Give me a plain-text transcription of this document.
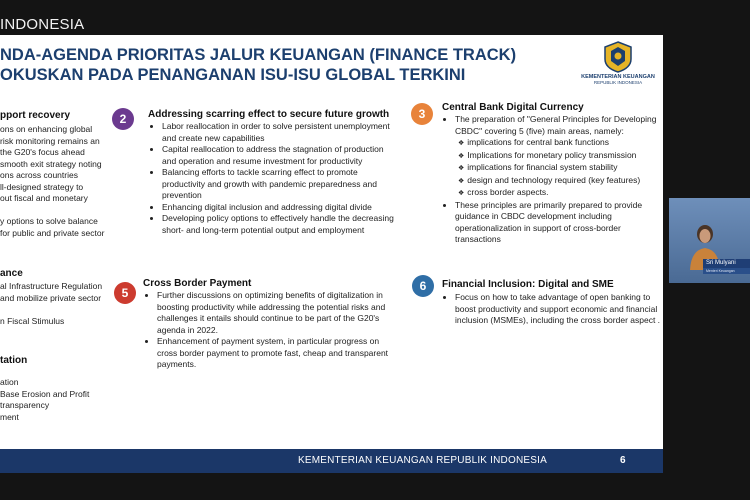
INDONESIA
NDA-AGENDA PRIORITAS JALUR KEUANGAN (FINANCE TRACK)
OKUSKAN PADA PENANGANAN ISU-ISU GLOBAL TERKINI	KEMENTERIAN KEUANGAN
REPUBLIK INDONESIA
pport recovery
ons on enhancing global
risk monitoring remains an
the G20's focus ahead
smooth exit strategy noting
ons across countries
ll-designed strategy to
out fiscal and monetary
y options to solve balance
for public and private sector
ance
al Infrastructure Regulation
and mobilize private sector
n Fiscal Stimulus
tation
ation
Base Erosion and Profit
transparency
ment
2	Addressing scarring effect to secure future growth
• Labor reallocation in order to solve persistent unemployment and create new capabilities
• Capital reallocation to address the stagnation of production and operation and resume investment for productivity
• Balancing efforts to tackle scarring effect to promote productivity and growth with pandemic preparedness and prevention
• Enhancing digital inclusion and addressing digital divide
• Developing policy options to effectively handle the decreasing short- and long-term potential output and employment
3	Central Bank Digital Currency
• The preparation of "General Principles for Developing CBDC" covering 5 (five) main areas, namely:
❖ implications for central bank functions
❖ Implications for monetary policy transmission
❖ implications for financial system stability
❖ design and technology required (key features)
❖ cross border aspects.
• These principles are primarily prepared to provide guidance in CBDC development including operationalization in support of cross-border transactions
5
Cross Border Payment
• Further discussions on optimizing benefits of digitalization in boosting productivity while addressing the potential risks and challenges it entails should continue to be part of the G20's agenda in 2022.
• Enhancement of payment system, in particular progress on cross border payment to promote fast, cheap and transparent payments.
6	Financial Inclusion: Digital and SME
• Focus on how to take advantage of open banking to boost productivity and support economic and financial inclusion (MSMEs), including the cross border aspect .
KEMENTERIAN KEUANGAN REPUBLIK INDONESIA	6
Sri Mulyani
Menteri Keuangan
